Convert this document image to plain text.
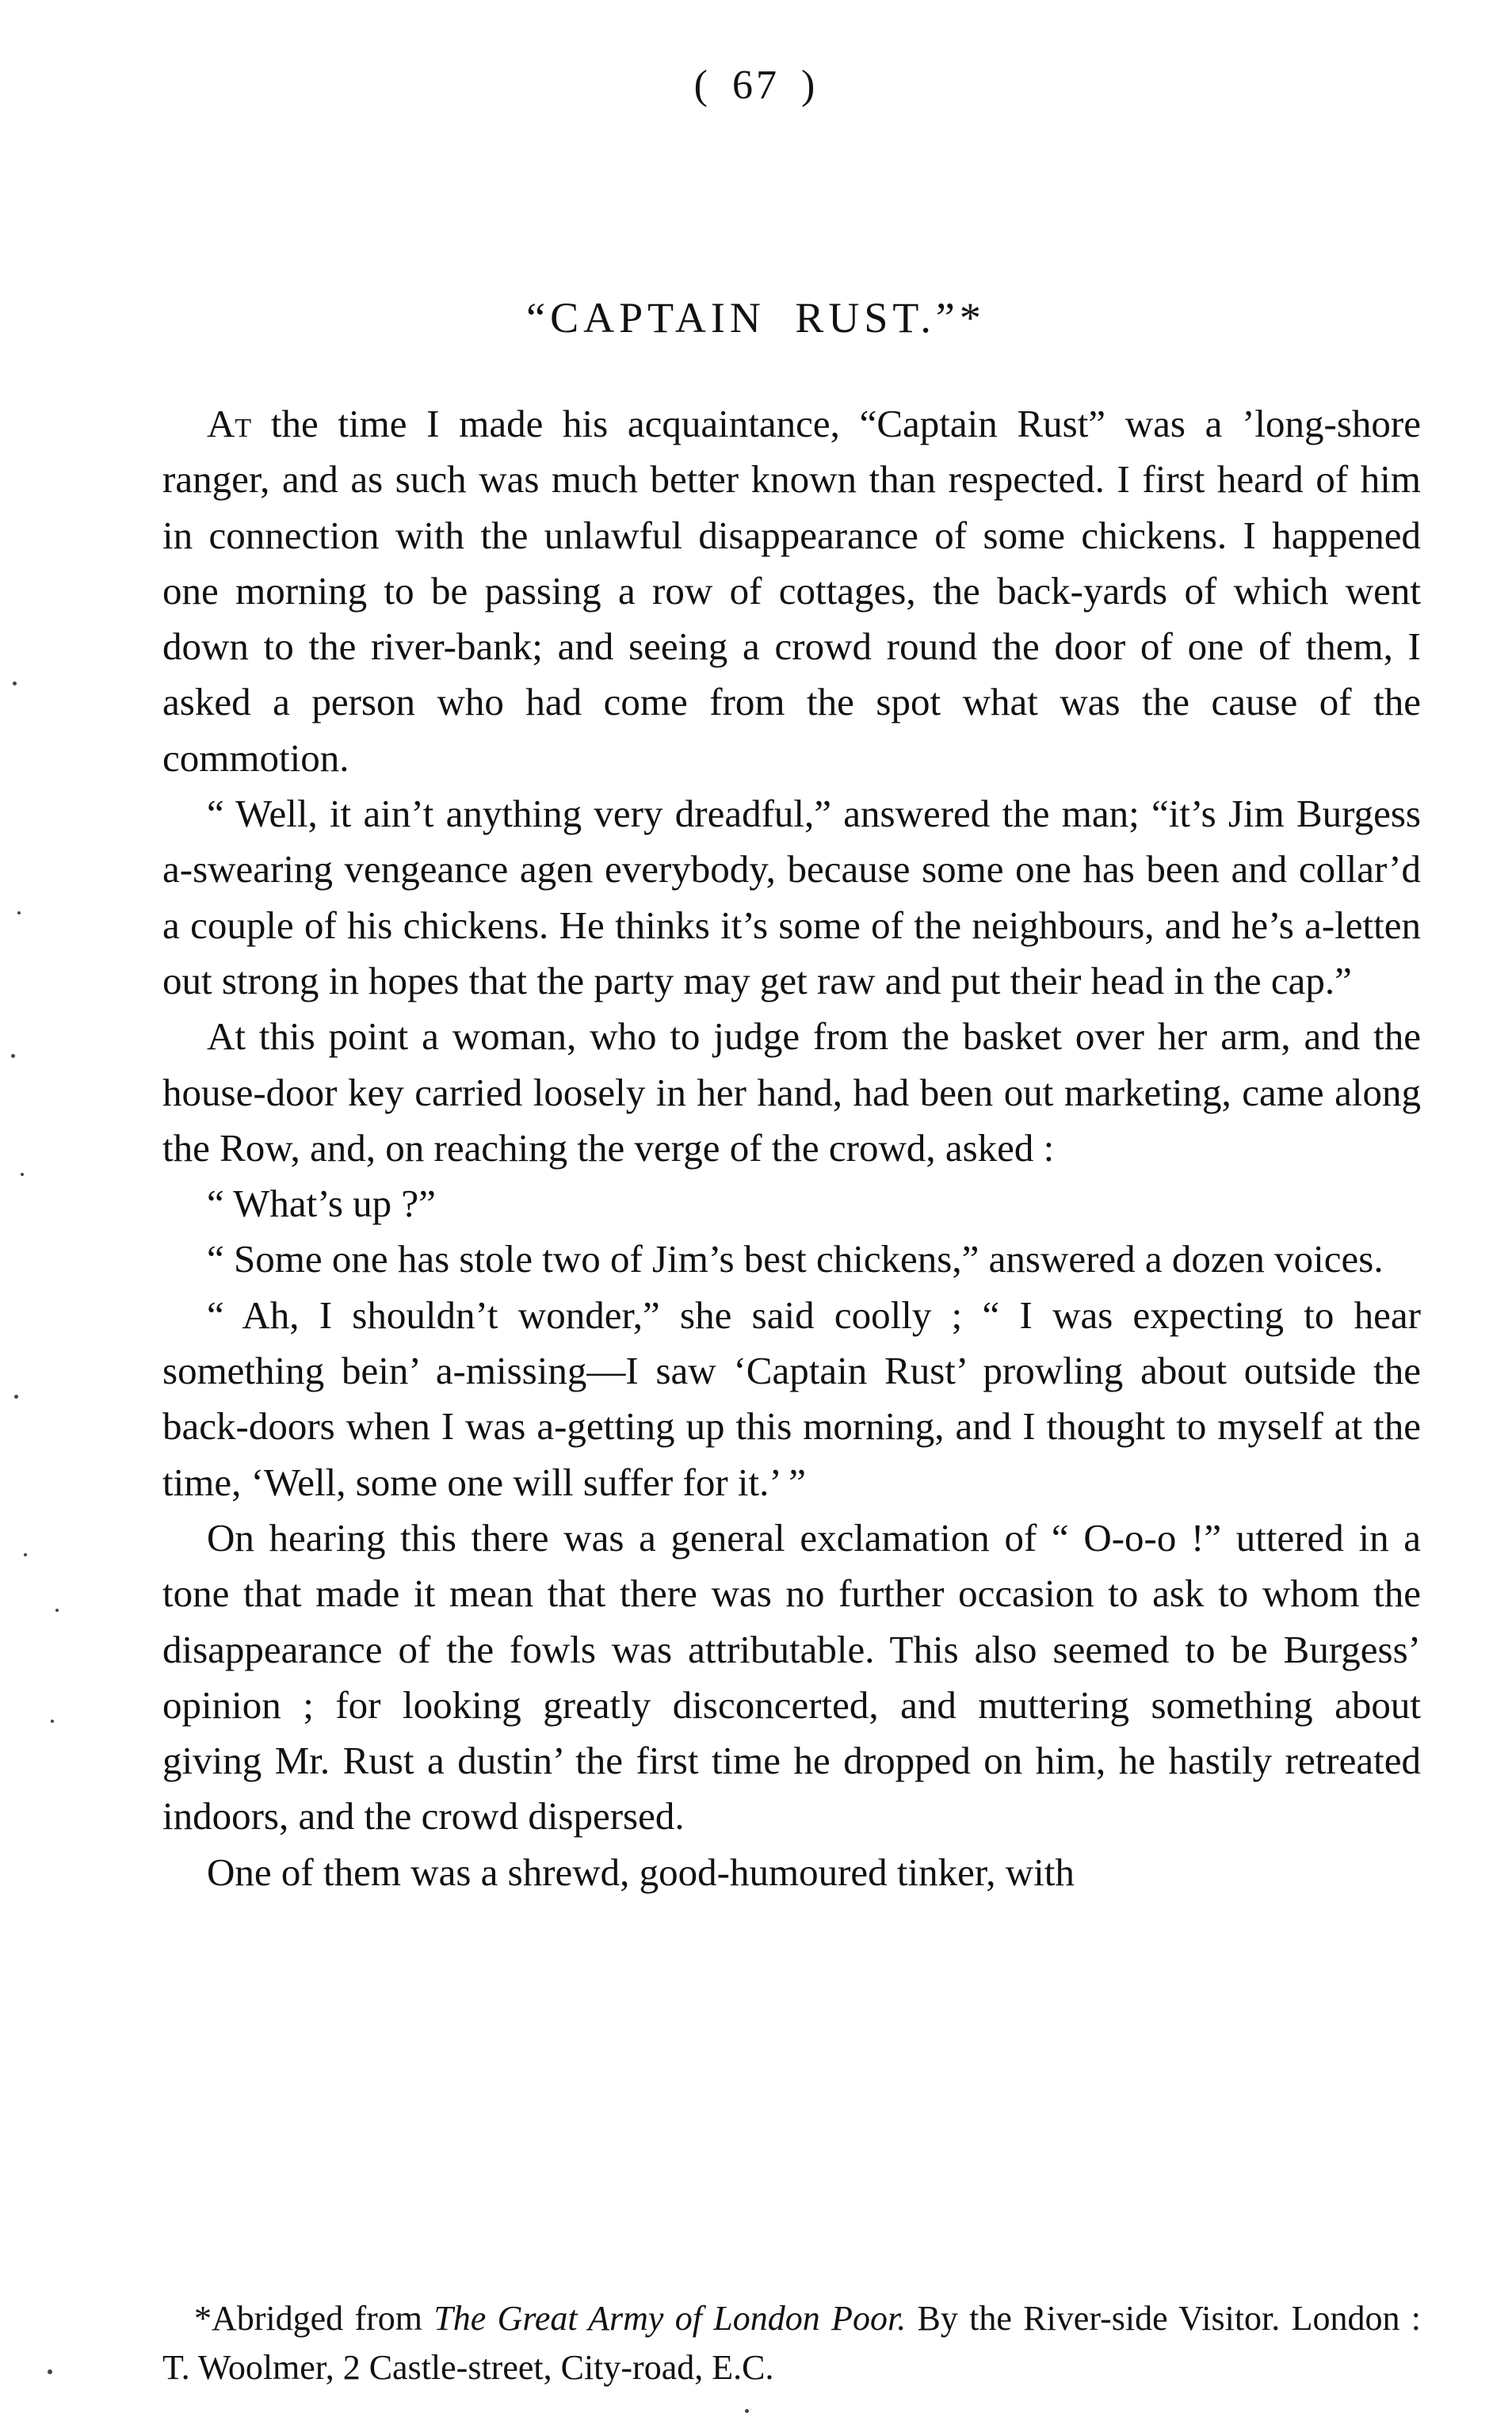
( 67 )
“CAPTAIN RUST.”*

At the time I made his acquaintance, “Captain Rust” was a ’long-shore ranger, and as such was much better known than respected. I first heard of him in connection with the unlawful disappearance of some chickens. I happened one morning to be passing a row of cottages, the back-yards of which went down to the river-bank; and seeing a crowd round the door of one of them, I asked a person who had come from the spot what was the cause of the commotion.

“ Well, it ain’t anything very dreadful,” answered the man; “it’s Jim Burgess a-swearing vengeance agen everybody, because some one has been and collar’d a couple of his chickens. He thinks it’s some of the neighbours, and he’s a-letten out strong in hopes that the party may get raw and put their head in the cap.”

At this point a woman, who to judge from the basket over her arm, and the house-door key carried loosely in her hand, had been out marketing, came along the Row, and, on reaching the verge of the crowd, asked :

“ What’s up ?”

“ Some one has stole two of Jim’s best chickens,” answered a dozen voices.

“ Ah, I shouldn’t wonder,” she said coolly ; “ I was expecting to hear something bein’ a-missing—I saw ‘Captain Rust’ prowling about outside the back-doors when I was a-getting up this morning, and I thought to myself at the time, ‘Well, some one will suffer for it.’ ”

On hearing this there was a general exclamation of “ O-o-o !” uttered in a tone that made it mean that there was no further occasion to ask to whom the disappearance of the fowls was attributable. This also seemed to be Burgess’ opinion ; for looking greatly disconcerted, and muttering something about giving Mr. Rust a dustin’ the first time he dropped on him, he hastily retreated indoors, and the crowd dispersed.

One of them was a shrewd, good-humoured tinker, with

*Abridged from The Great Army of London Poor. By the River-side Visitor. London : T. Woolmer, 2 Castle-street, City-road, E.C.
